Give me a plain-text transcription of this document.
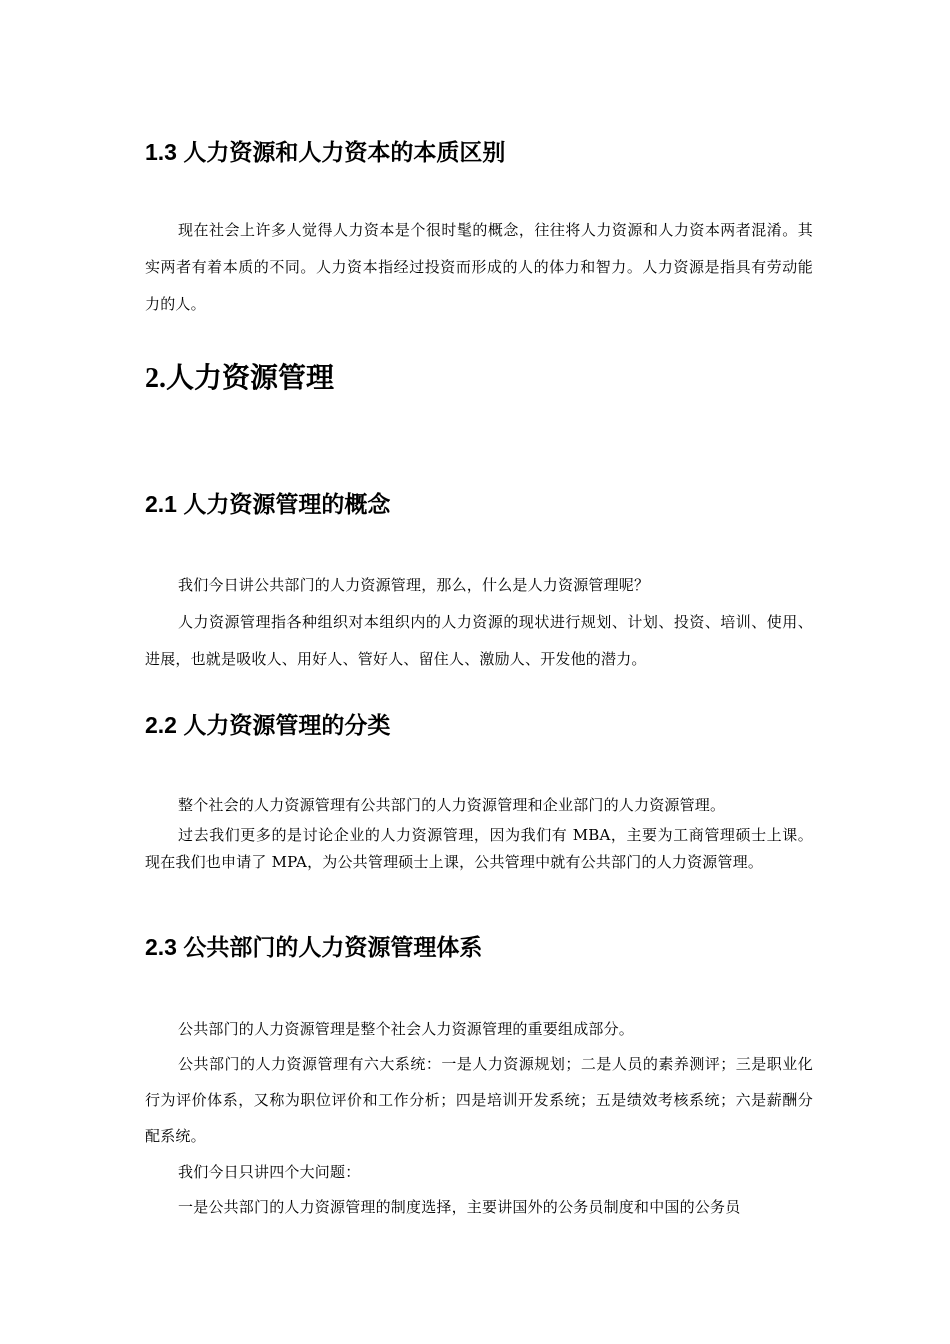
1.3 人力资源和人力资本的本质区别

现在社会上许多人觉得人力资本是个很时髦的概念，往往将人力资源和人力资本两者混淆。其实两者有着本质的不同。人力资本指经过投资而形成的人的体力和智力。人力资源是指具有劳动能力的人。

2.人力资源管理
2.1 人力资源管理的概念

我们今日讲公共部门的人力资源管理，那么，什么是人力资源管理呢？

人力资源管理指各种组织对本组织内的人力资源的现状进行规划、计划、投资、培训、使用、进展，也就是吸收人、用好人、管好人、留住人、激励人、开发他的潜力。

2.2 人力资源管理的分类

整个社会的人力资源管理有公共部门的人力资源管理和企业部门的人力资源管理。

过去我们更多的是讨论企业的人力资源管理，因为我们有 MBA，主要为工商管理硕士上课。现在我们也申请了 MPA，为公共管理硕士上课，公共管理中就有公共部门的人力资源管理。

2.3 公共部门的人力资源管理体系

公共部门的人力资源管理是整个社会人力资源管理的重要组成部分。

公共部门的人力资源管理有六大系统：一是人力资源规划；二是人员的素养测评；三是职业化行为评价体系，又称为职位评价和工作分析；四是培训开发系统；五是绩效考核系统；六是薪酬分配系统。

我们今日只讲四个大问题：

一是公共部门的人力资源管理的制度选择，主要讲国外的公务员制度和中国的公务员
